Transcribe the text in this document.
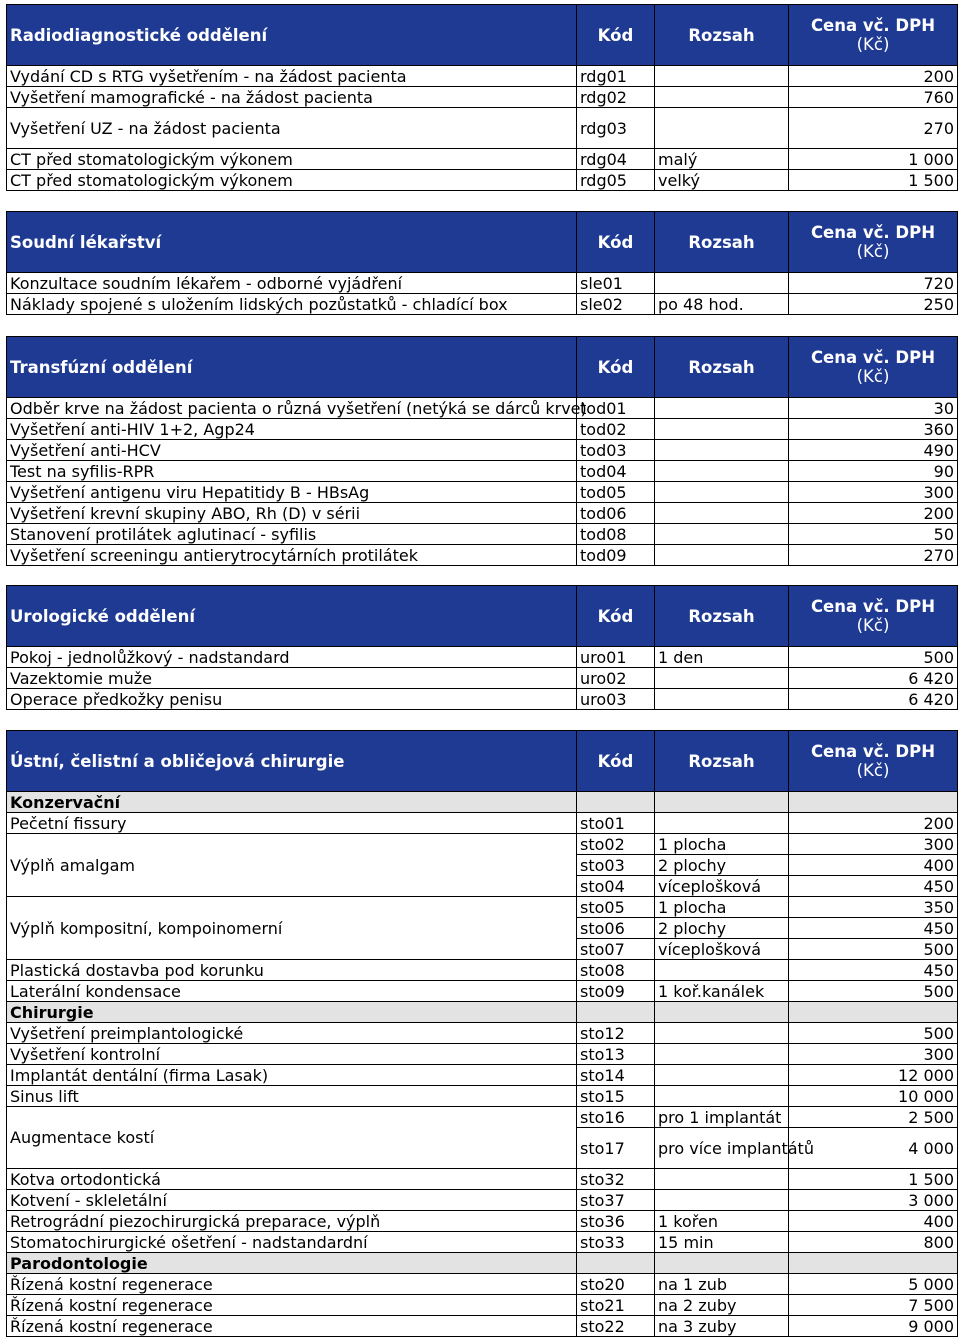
Radiodiagnostické oddělení	Kód	Rozsah	Cena vč. DPH
(Kč)

Vydání CD s RTG vyšetřením - na žádost pacienta	rdg01		200
Vyšetření mamografické - na žádost pacienta	rdg02		760
Vyšetření UZ - na žádost pacienta	rdg03		270
CT před stomatologickým výkonem	rdg04	malý	1 000
CT před stomatologickým výkonem	rdg05	velký	1 500
Soudní lékařství	Kód	Rozsah	Cena vč. DPH
(Kč)

Konzultace soudním lékařem - odborné vyjádření	sle01		720
Náklady spojené s uložením lidských pozůstatků - chladící box	sle02	po 48 hod.	250
Transfúzní oddělení	Kód	Rozsah	Cena vč. DPH
(Kč)

Odběr krve na žádost pacienta o různá vyšetření (netýká se dárců krve)	tod01		30
Vyšetření anti-HIV 1+2, Agp24	tod02		360
Vyšetření anti-HCV	tod03		490
Test na syfilis-RPR	tod04		90
Vyšetření antigenu viru Hepatitidy B - HBsAg	tod05		300
Vyšetření krevní skupiny ABO, Rh (D) v sérii	tod06		200
Stanovení protilátek aglutinací - syfilis	tod08		50
Vyšetření screeningu antierytrocytárních protilátek	tod09		270
Urologické oddělení	Kód	Rozsah	Cena vč. DPH
(Kč)

Pokoj - jednolůžkový - nadstandard	uro01	1 den	500
Vazektomie muže	uro02		6 420
Operace předkožky penisu	uro03		6 420
Ústní, čelistní a obličejová chirurgie	Kód	Rozsah	Cena vč. DPH
(Kč)

Konzervační			
Pečetní fissury	sto01		200
Výplň amalgam	sto02	1 plocha	300
	sto03	2 plochy	400
	sto04	víceplošková	450
Výplň kompositní, kompoinomerní	sto05	1 plocha	350
	sto06	2 plochy	450
	sto07	víceplošková	500
Plastická dostavba pod korunku	sto08		450
Laterální kondensace	sto09	1 koř.kanálek	500
Chirurgie			
Vyšetření preimplantologické	sto12		500
Vyšetření kontrolní	sto13		300
Implantát dentální (firma Lasak)	sto14		12 000
Sinus lift	sto15		10 000
Augmentace kostí	sto16	pro 1 implantát	2 500
	sto17	pro více implantátů	4 000
Kotva ortodontická	sto32		1 500
Kotvení - skleletální	sto37		3 000
Retrográdní piezochirurgická preparace, výplň	sto36	1 kořen	400
Stomatochirurgické ošetření - nadstandardní	sto33	15 min	800
Parodontologie			
Řízená kostní regenerace	sto20	na 1 zub	5 000
Řízená kostní regenerace	sto21	na 2 zuby	7 500
Řízená kostní regenerace	sto22	na 3 zuby	9 000
